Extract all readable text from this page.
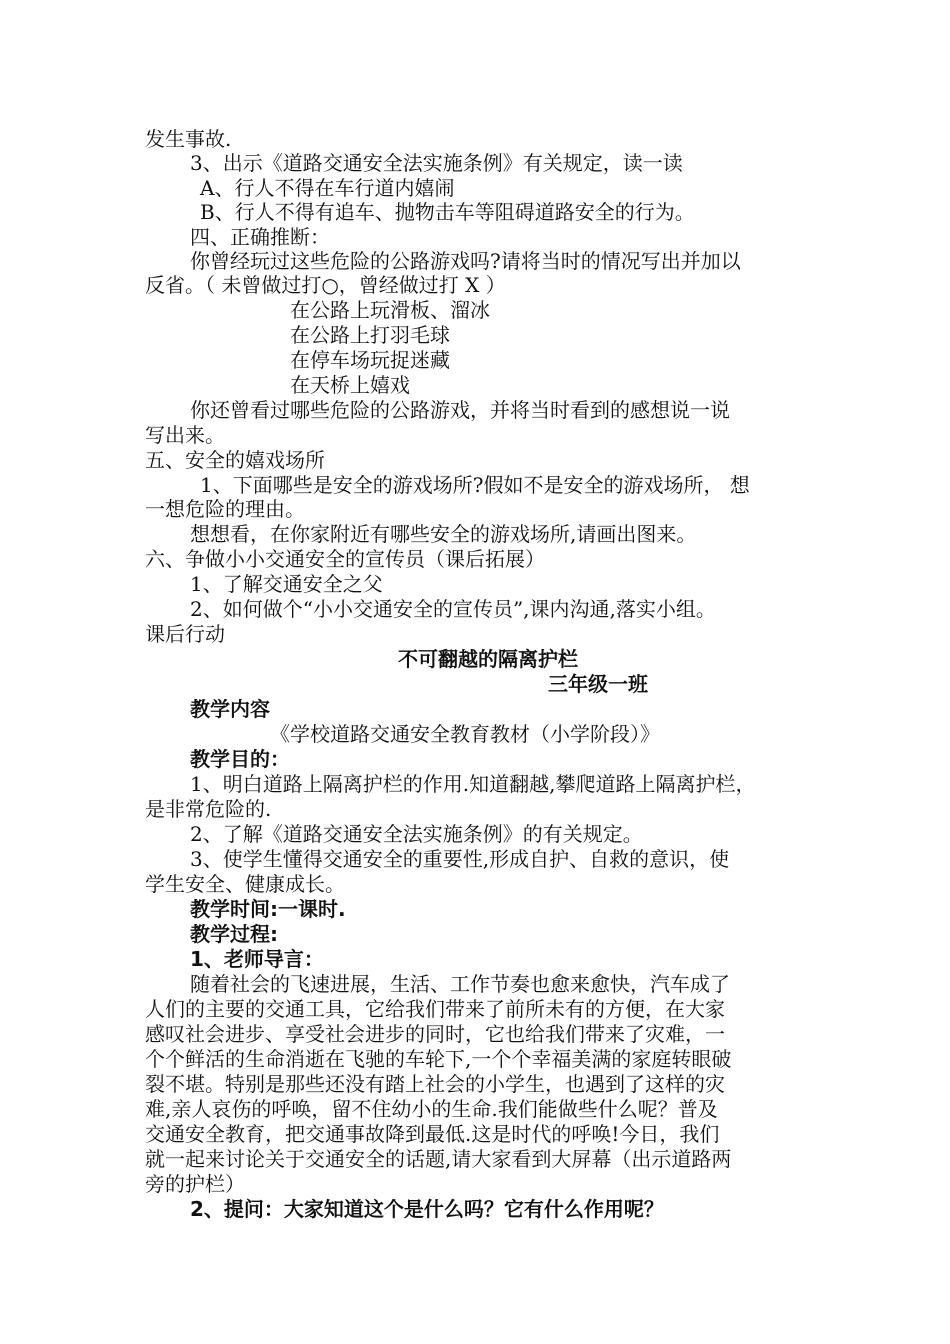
发生事故.
3、出示《道路交通安全法实施条例》有关规定，读一读
A、行人不得在车行道内嬉闹
B、行人不得有追车、抛物击车等阻碍道路安全的行为。
四、正确推断：
你曾经玩过这些危险的公路游戏吗?请将当时的情况写出并加以
反省。（ 未曾做过打○，曾经做过打 X ）
在公路上玩滑板、溜冰
在公路上打羽毛球
在停车场玩捉迷藏
在天桥上嬉戏
你还曾看过哪些危险的公路游戏，并将当时看到的感想说一说
写出来。
五、安全的嬉戏场所
1、下面哪些是安全的游戏场所?假如不是安全的游戏场所， 想
一想危险的理由。
想想看，在你家附近有哪些安全的游戏场所,请画出图来。
六、争做小小交通安全的宣传员（课后拓展）
1、了解交通安全之父
2、如何做个“小小交通安全的宣传员”,课内沟通,落实小组。
课后行动
不可翻越的隔离护栏
三年级一班
教学内容
《学校道路交通安全教育教材（小学阶段）》
教学目的：
1、明白道路上隔离护栏的作用.知道翻越,攀爬道路上隔离护栏，
是非常危险的.
2、了解《道路交通安全法实施条例》的有关规定。
3、使学生懂得交通安全的重要性,形成自护、自救的意识，使
学生安全、健康成长。
教学时间:一课时.
教学过程:
1、老师导言：
随着社会的飞速进展，生活、工作节奏也愈来愈快，汽车成了
人们的主要的交通工具，它给我们带来了前所未有的方便，在大家
感叹社会进步、享受社会进步的同时，它也给我们带来了灾难，一
个个鲜活的生命消逝在飞驰的车轮下,一个个幸福美满的家庭转眼破
裂不堪。特别是那些还没有踏上社会的小学生，也遇到了这样的灾
难,亲人哀伤的呼唤，留不住幼小的生命.我们能做些什么呢？普及
交通安全教育，把交通事故降到最低.这是时代的呼唤!今日，我们
就一起来讨论关于交通安全的话题,请大家看到大屏幕（出示道路两
旁的护栏）
2、提问：大家知道这个是什么吗？它有什么作用呢？
